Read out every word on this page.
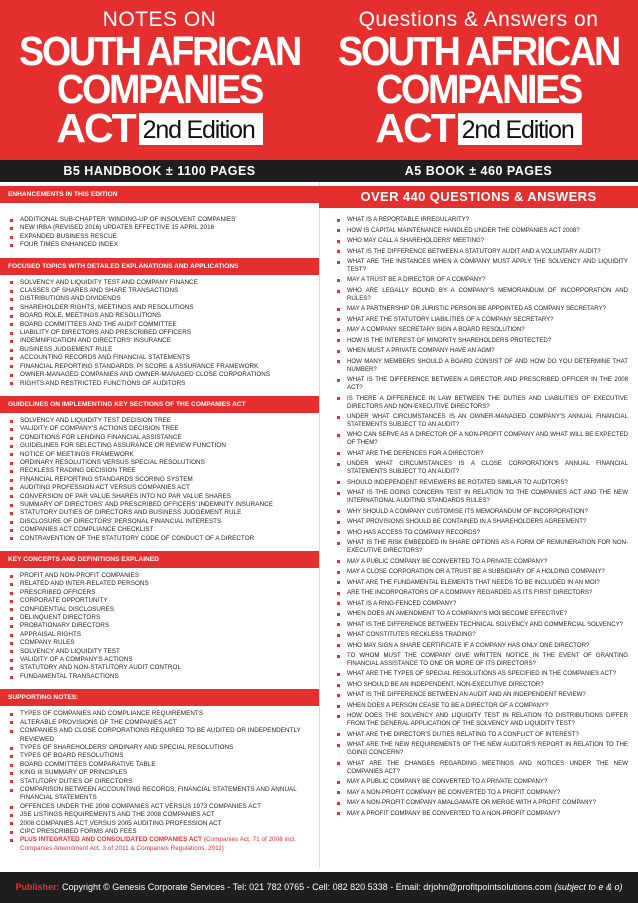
NOTES ON
SOUTH AFRICAN
COMPANIES
ACT 2nd Edition
B5 HANDBOOK ± 1100 PAGES
ENHANCEMENTS IN THIS EDITION
ADDITIONAL SUB-CHAPTER 'WINDING-UP OF INSOLVENT COMPANIES'
NEW IRBA (REVISED 2016) UPDATES EFFECTIVE 15 APRIL 2016
EXPANDED BUSINESS RESCUE
FOUR TIMES ENHANCED INDEX
FOCUSED TOPICS WITH DETAILED EXPLANATIONS AND APPLICATIONS
SOLVENCY AND LIQUIDITY TEST AND COMPANY FINANCE
CLASSES OF SHARES AND SHARE TRANSACTIONS
DISTRIBUTIONS AND DIVIDENDS
SHAREHOLDER RIGHTS, MEETINGS AND RESOLUTIONS
BOARD ROLE, MEETINGS AND RESOLUTIONS
BOARD COMMITTEES AND THE AUDIT COMMITTEE
LIABILITY OF DIRECTORS AND PRESCRIBED OFFICERS
INDEMNIFICATION AND DIRECTORS' INSURANCE
BUSINESS JUDGEMENT RULE
ACCOUNTING RECORDS AND FINANCIAL STATEMENTS
FINANCIAL REPORTING STANDARDS, PI SCORE & ASSURANCE FRAMEWORK
OWNER-MANAGED COMPANIES AND OWNER-MANAGED CLOSE CORPORATIONS
RIGHTS AND RESTRICTED FUNCTIONS OF AUDITORS
GUIDELINES ON IMPLEMENTING KEY SECTIONS OF THE COMPANIES ACT
SOLVENCY AND LIQUIDITY TEST DECISION TREE
VALIDITY OF COMPANY'S ACTIONS DECISION TREE
CONDITIONS FOR LENDING FINANCIAL ASSISTANCE
GUIDELINES FOR SELECTING ASSURANCE OR REVIEW FUNCTION
NOTICE OF MEETINGS FRAMEWORK
ORDINARY RESOLUTIONS VERSUS SPECIAL RESOLUTIONS
RECKLESS TRADING DECISION TREE
FINANCIAL REPORTING STANDARDS SCORING SYSTEM
AUDITING PROFESSION ACT VERSUS COMPANIES ACT
CONVERSION OF PAR VALUE SHARES INTO NO PAR VALUE SHARES
SUMMARY OF DIRECTORS' AND PRESCRIBED OFFICERS' INDEMNITY INSURANCE
STATUTORY DUTIES OF DIRECTORS AND BUSINESS JUDGEMENT RULE
DISCLOSURE OF DIRECTORS' PERSONAL FINANCIAL INTERESTS
COMPANIES ACT COMPLIANCE CHECKLIST
CONTRAVENTION OF THE STATUTORY CODE OF CONDUCT OF A DIRECTOR
KEY CONCEPTS AND DEFINITIONS EXPLAINED
PROFIT AND NON-PROFIT COMPANIES
RELATED AND INTER-RELATED PERSONS
PRESCRIBED OFFICERS
CORPORATE OPPORTUNITY
CONFIDENTIAL DISCLOSURES
DELINQUENT DIRECTORS
PROBATIONARY DIRECTORS
APPRAISAL RIGHTS
COMPANY RULES
SOLVENCY AND LIQUIDITY TEST
VALIDITY OF A COMPANY'S ACTIONS
STATUTORY AND NON-STATUTORY AUDIT CONTROL
FUNDAMENTAL TRANSACTIONS
SUPPORTING NOTES:
TYPES OF COMPANIES AND COMPLIANCE REQUIREMENTS
ALTERABLE PROVISIONS OF THE COMPANIES ACT
COMPANIES AND CLOSE CORPORATIONS REQUIRED TO BE AUDITED OR INDEPENDENTLY REVIEWED
TYPES OF SHAREHOLDERS' ORDINARY AND SPECIAL RESOLUTIONS
TYPES OF BOARD RESOLUTIONS
BOARD COMMITTEES COMPARATIVE TABLE
KING III SUMMARY OF PRINCIPLES
STATUTORY DUTIES OF DIRECTORS
COMPARISON BETWEEN ACCOUNTING RECORDS, FINANCIAL STATEMENTS AND ANNUAL FINANCIAL STATEMENTS
OFFENCES UNDER THE 2008 COMPANIES ACT VERSUS 1973 COMPANIES ACT
JSE LISTINGS REQUIREMENTS AND THE 2008 COMPANIES ACT
2008 COMPANIES ACT VERSUS 2005 AUDITING PROFESSION ACT
CIPC PRESCRIBED FORMS AND FEES
PLUS INTEGRATED AND CONSOLIDATED COMPANIES ACT (Companies Act, 71 of 2008 incl. Companies Amendment Act, 3 of 2011 & Companies Regulations, 2011)
Questions & Answers on
SOUTH AFRICAN
COMPANIES
ACT 2nd Edition
A5 BOOK ± 460 PAGES
OVER 440 QUESTIONS & ANSWERS
WHAT IS A REPORTABLE IRREGULARITY?
HOW IS CAPITAL MAINTENANCE HANDLED UNDER THE COMPANIES ACT 2008?
WHO MAY CALL A SHAREHOLDERS' MEETING?
WHAT IS THE DIFFERENCE BETWEEN A STATUTORY AUDIT AND A VOLUNTARY AUDIT?
WHAT ARE THE INSTANCES WHEN A COMPANY MUST APPLY THE SOLVENCY AND LIQUIDITY TEST?
MAY A TRUST BE A DIRECTOR OF A COMPANY?
WHO ARE LEGALLY BOUND BY A COMPANY'S MEMORANDUM OF INCORPORATION AND RULES?
MAY A PARTNERSHIP OR JURISTIC PERSON BE APPOINTED AS COMPANY SECRETARY?
WHAT ARE THE STATUTORY LIABILITIES OF A COMPANY SECRETARY?
MAY A COMPANY SECRETARY SIGN A BOARD RESOLUTION?
HOW IS THE INTEREST OF MINORITY SHAREHOLDERS PROTECTED?
WHEN MUST A PRIVATE COMPANY HAVE AN AGM?
HOW MANY MEMBERS SHOULD A BOARD CONSIST OF AND HOW DO YOU DETERMINE THAT NUMBER?
WHAT IS THE DIFFERENCE BETWEEN A DIRECTOR AND PRESCRIBED OFFICER IN THE 2008 ACT?
IS THERE A DIFFERENCE IN LAW BETWEEN THE DUTIES AND LIABILITIES OF EXECUTIVE DIRECTORS AND NON-EXECUTIVE DIRECTORS?
UNDER WHAT CIRCUMSTANCES IS AN OWNER-MANAGED COMPANY'S ANNUAL FINANCIAL STATEMENTS SUBJECT TO AN AUDIT?
WHO CAN SERVE AS A DIRECTOR OF A NON-PROFIT COMPANY AND WHAT WILL BE EXPECTED OF THEM?
WHAT ARE THE DEFENCES FOR A DIRECTOR?
UNDER WHAT CIRCUMSTANCES IS A CLOSE CORPORATION'S ANNUAL FINANCIAL STATEMENTS SUBJECT TO AN AUDIT?
SHOULD INDEPENDENT REVIEWERS BE ROTATED SIMILAR TO AUDITORS?
WHAT IS THE GOING CONCERN TEST IN RELATION TO THE COMPANIES ACT AND THE NEW INTERNATIONAL AUDITING STANDARDS RULES?
WHY SHOULD A COMPANY CUSTOMISE ITS MEMORANDUM OF INCORPORATION?
WHAT PROVISIONS SHOULD BE CONTAINED IN A SHAREHOLDERS AGREEMENT?
WHO HAS ACCESS TO COMPANY RECORDS?
WHAT IS THE RISK EMBEDDED IN SHARE OPTIONS AS A FORM OF REMUNERATION FOR NON-EXECUTIVE DIRECTORS?
MAY A PUBLIC COMPANY BE CONVERTED TO A PRIVATE COMPANY?
MAY A CLOSE CORPORATION OR A TRUST BE A SUBSIDIARY OF A HOLDING COMPANY?
WHAT ARE THE FUNDAMENTAL ELEMENTS THAT NEEDS TO BE INCLUDED IN AN MOI?
ARE THE INCORPORATORS OF A COMPANY REGARDED AS ITS FIRST DIRECTORS?
WHAT IS A RING-FENCED COMPANY?
WHEN DOES AN AMENDMENT TO A COMPANY'S MOI BECOME EFFECTIVE?
WHAT IS THE DIFFERENCE BETWEEN TECHNICAL SOLVENCY AND COMMERCIAL SOLVENCY?
WHAT CONSTITUTES RECKLESS TRADING?
WHO MAY SIGN A SHARE CERTIFICATE IF A COMPANY HAS ONLY ONE DIRECTOR?
TO WHOM MUST THE COMPANY GIVE WRITTEN NOTICE IN THE EVENT OF GRANTING FINANCIAL ASSISTANCE TO ONE OR MORE OF ITS DIRECTORS?
WHAT ARE THE TYPES OF SPECIAL RESOLUTIONS AS SPECIFIED IN THE COMPANIES ACT?
WHO SHOULD BE AN INDEPENDENT, NON-EXECUTIVE DIRECTOR?
WHAT IS THE DIFFERENCE BETWEEN AN AUDIT AND AN INDEPENDENT REVIEW?
WHEN DOES A PERSON CEASE TO BE A DIRECTOR OF A COMPANY?
HOW DOES THE SOLVENCY AND LIQUIDITY TEST IN RELATION TO DISTRIBUTIONS DIFFER FROM THE GENERAL APPLICATION OF THE SOLVENCY AND LIQUIDITY TEST?
WHAT ARE THE DIRECTOR'S DUTIES RELATING TO A CONFLICT OF INTEREST?
WHAT ARE THE NEW REQUIREMENTS OF THE NEW AUDITOR'S REPORT IN RELATION TO THE GOING CONCERN?
WHAT ARE THE CHANGES REGARDING MEETINGS AND NOTICES UNDER THE NEW COMPANIES ACT?
MAY A PUBLIC COMPANY BE CONVERTED TO A PRIVATE COMPANY?
MAY A NON-PROFIT COMPANY BE CONVERTED TO A PROFIT COMPANY?
MAY A NON-PROFIT COMPANY AMALGAMATE OR MERGE WITH A PROFIT COMPANY?
MAY A PROFIT COMPANY BE CONVERTED TO A NON-PROFIT COMPANY?
Publisher: Copyright © Genesis Corporate Services - Tel: 021 782 0765 - Cell: 082 820 5338 - Email: drjohn@profitpointsolutions.com (subject to e & o)
